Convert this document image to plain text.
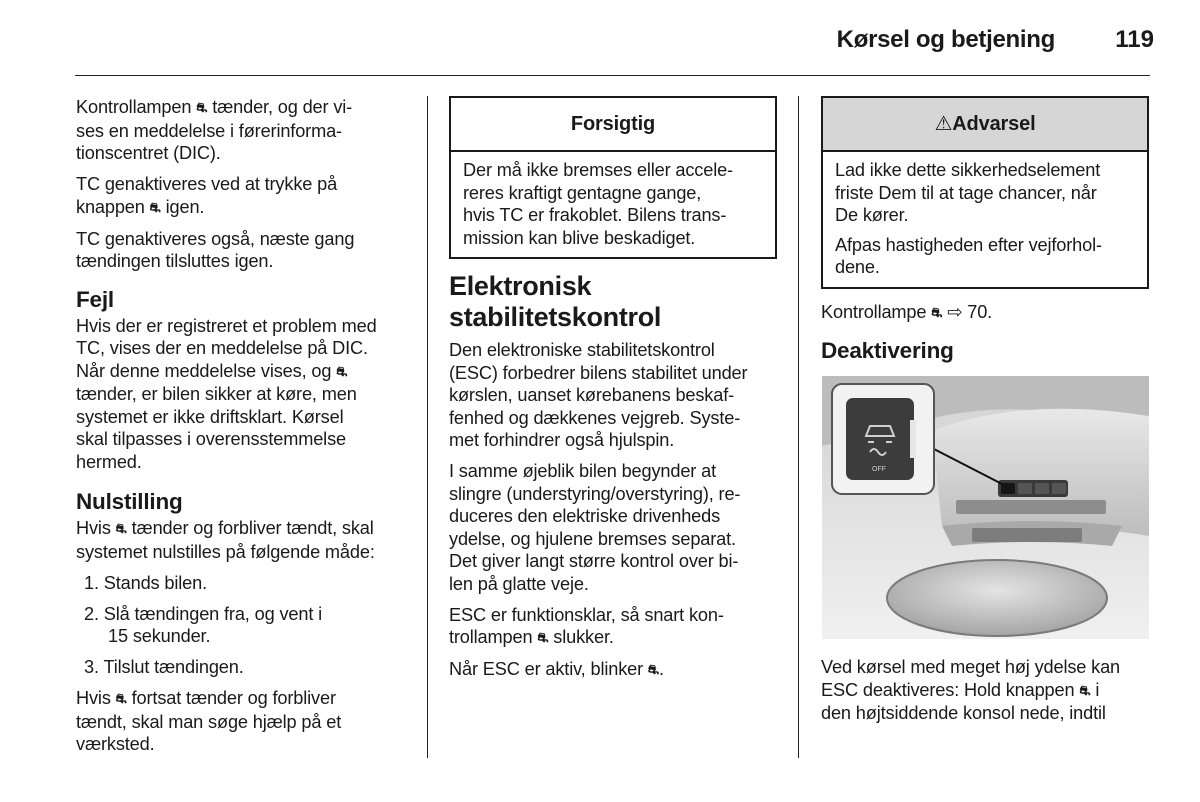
Kørsel og betjening	119

Kontrollampen ⛐ tænder, og der vi-
ses en meddelelse i førerinforma-
tionscentret (DIC).

TC genaktiveres ved at trykke på
knappen ⛐ igen.

TC genaktiveres også, næste gang
tændingen tilsluttes igen.

Fejl

Hvis der er registreret et problem med
TC, vises der en meddelelse på DIC.
Når denne meddelelse vises, og ⛐
tænder, er bilen sikker at køre, men
systemet er ikke driftsklart. Kørsel
skal tilpasses i overensstemmelse
hermed.

Nulstilling

Hvis ⛐ tænder og forbliver tændt, skal
systemet nulstilles på følgende måde:

1. Stands bilen.
2. Slå tændingen fra, og vent i
15 sekunder.
3. Tilslut tændingen.

Hvis ⛐ fortsat tænder og forbliver
tændt, skal man søge hjælp på et
værksted.

Forsigtig

Der må ikke bremses eller accele-
reres kraftigt gentagne gange,
hvis TC er frakoblet. Bilens trans-
mission kan blive beskadiget.

Elektronisk
stabilitetskontrol

Den elektroniske stabilitetskontrol
(ESC) forbedrer bilens stabilitet under
kørslen, uanset kørebanens beskaf-
fenhed og dækkenes vejgreb. Syste-
met forhindrer også hjulspin.

I samme øjeblik bilen begynder at
slingre (understyring/overstyring), re-
duceres den elektriske drivenheds
ydelse, og hjulene bremses separat.
Det giver langt større kontrol over bi-
len på glatte veje.

ESC er funktionsklar, så snart kon-
trollampen ⛐ slukker.

Når ESC er aktiv, blinker ⛐.

⚠Advarsel

Lad ikke dette sikkerhedselement
friste Dem til at tage chancer, når
De kører.

Afpas hastigheden efter vejforhol-
dene.

Kontrollampe ⛐ ⇨ 70.

Deaktivering
OFF

Ved kørsel med meget høj ydelse kan
ESC deaktiveres: Hold knappen ⛐ i
den højtsiddende konsol nede, indtil
